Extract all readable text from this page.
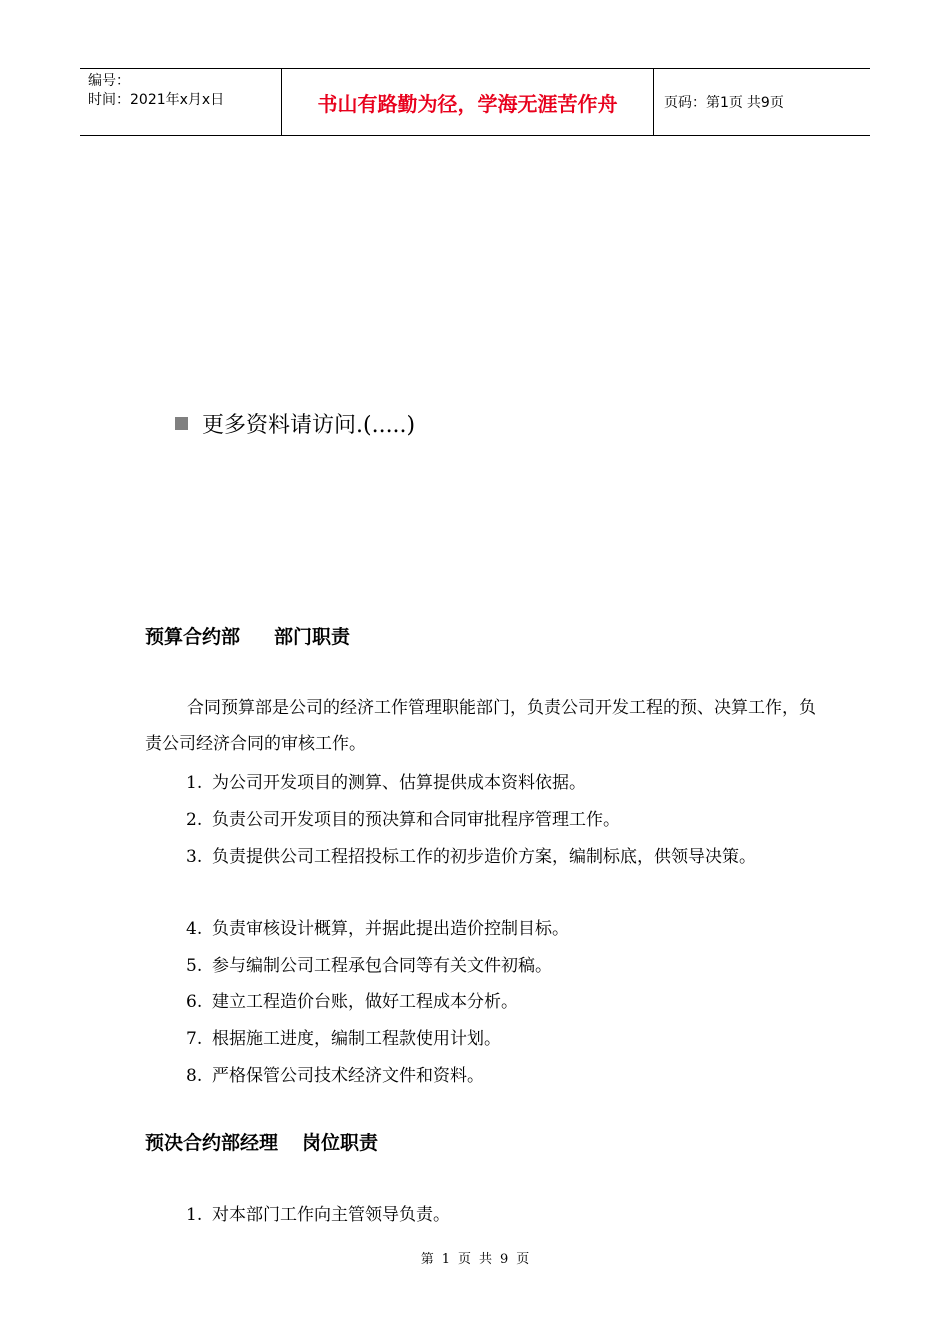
编号：
时间：2021年x月x日	书山有路勤为径，学海无涯苦作舟	页码：第1页 共9页
更多资料请访问.(.....)
预算合约部 部门职责

合同预算部是公司的经济工作管理职能部门，负责公司开发工程的预、决算工作，负责公司经济合同的审核工作。

1. 为公司开发项目的测算、估算提供成本资料依据。
2. 负责公司开发项目的预决算和合同审批程序管理工作。
3. 负责提供公司工程招投标工作的初步造价方案，编制标底，供领导决策。
4. 负责审核设计概算，并据此提出造价控制目标。
5. 参与编制公司工程承包合同等有关文件初稿。
6. 建立工程造价台账，做好工程成本分析。
7. 根据施工进度，编制工程款使用计划。
8. 严格保管公司技术经济文件和资料。
预决合约部经理 岗位职责
1. 对本部门工作向主管领导负责。
第 1 页 共 9 页
